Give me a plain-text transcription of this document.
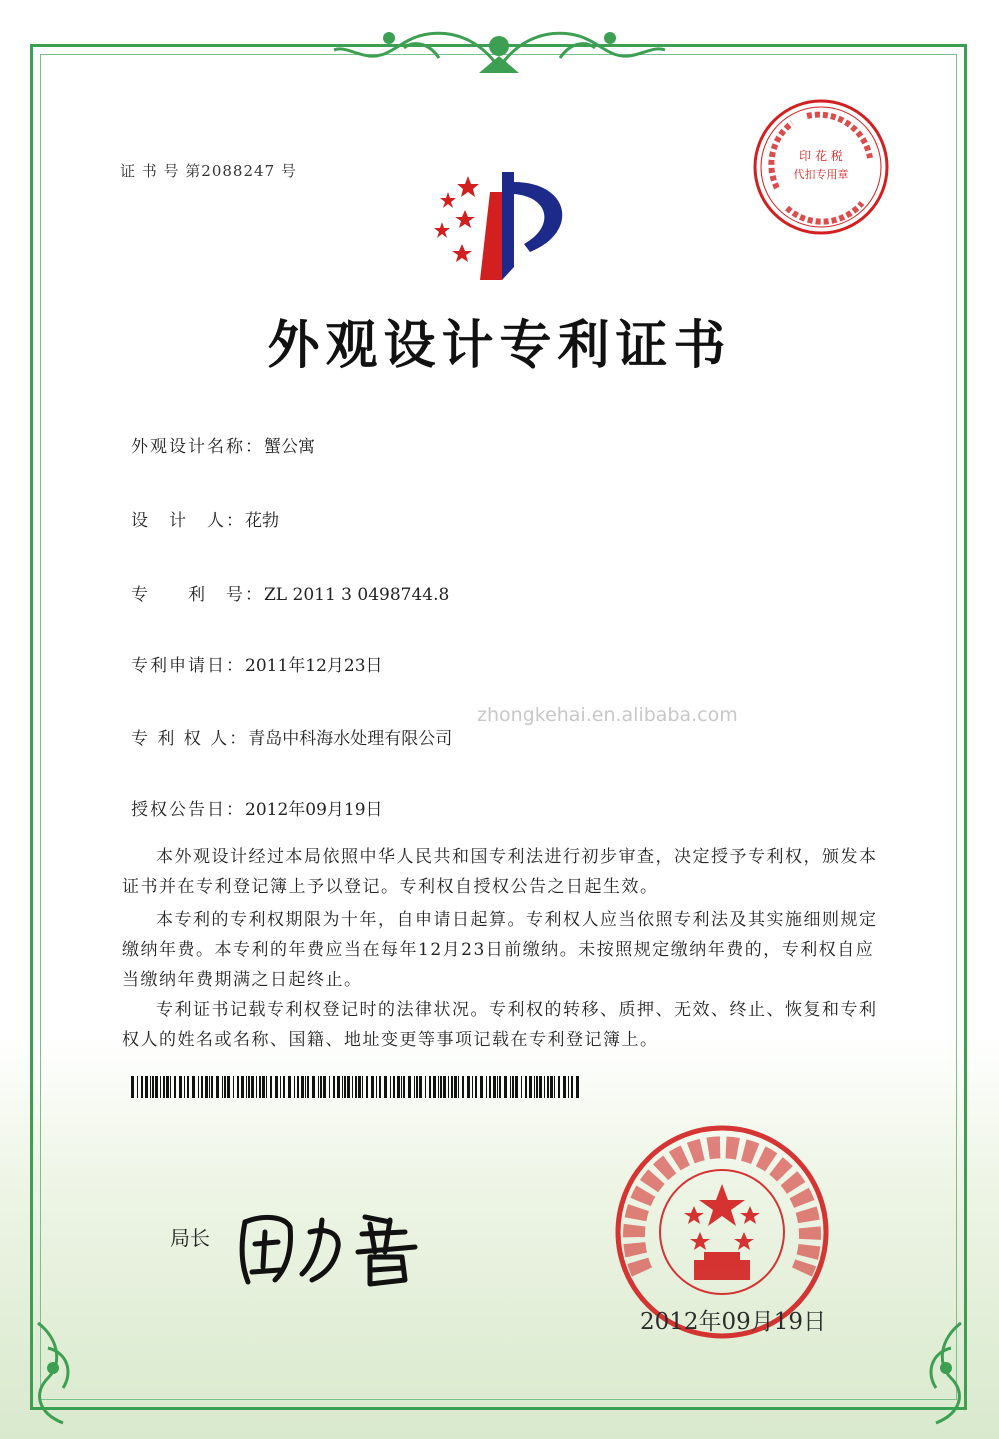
证 书 号 第2088247 号
印 花 税
代扣专用章
外观设计专利证书
外观设计名称：蟹公寓
设　计　人：花勃
专　　利　号：ZL 2011 3 0498744.8
专利申请日：2011年12月23日
专 利 权 人：青岛中科海水处理有限公司
授权公告日：2012年09月19日
zhongkehai.en.alibaba.com
本外观设计经过本局依照中华人民共和国专利法进行初步审查，决定授予专利权，颁发本证书并在专利登记簿上予以登记。专利权自授权公告之日起生效。
本专利的专利权期限为十年，自申请日起算。专利权人应当依照专利法及其实施细则规定缴纳年费。本专利的年费应当在每年12月23日前缴纳。未按照规定缴纳年费的，专利权自应当缴纳年费期满之日起终止。
专利证书记载专利权登记时的法律状况。专利权的转移、质押、无效、终止、恢复和专利权人的姓名或名称、国籍、地址变更等事项记载在专利登记簿上。
局长
2012年09月19日
